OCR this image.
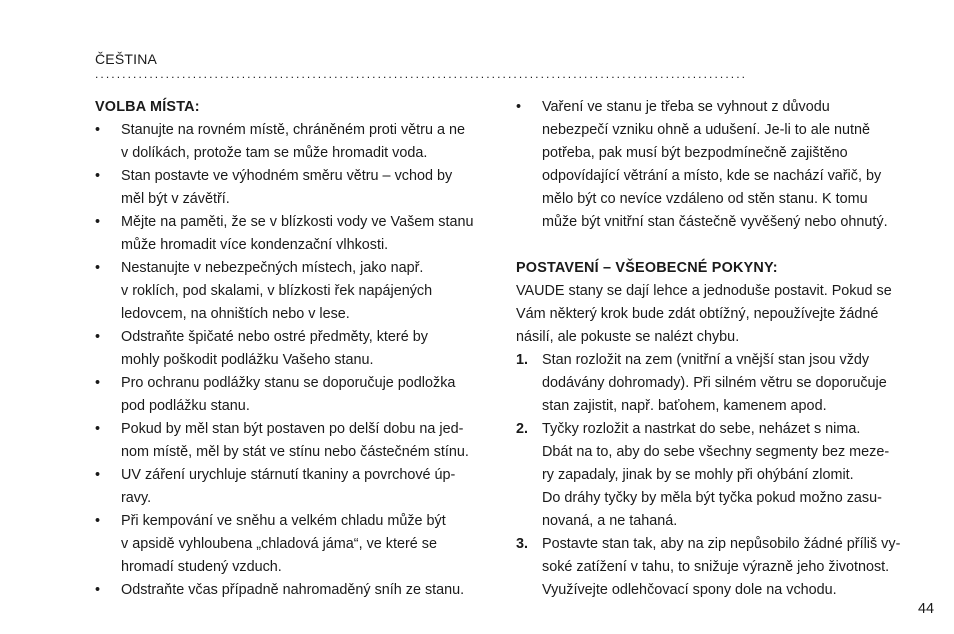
ČEŠTINA
........................................................................................................................
VOLBA MÍSTA:
•	Stanujte na rovném místě, chráněném proti větru a ne
v dolíkách, protože tam se může hromadit voda.
•	Stan postavte ve výhodném směru větru – vchod by
měl být v závětří.
•	Mějte na paměti, že se v blízkosti vody ve Vašem stanu
může hromadit více kondenzační vlhkosti.
•	Nestanujte v nebezpečných místech, jako např.
v roklích, pod skalami, v blízkosti řek napájených
ledovcem, na ohništích nebo v lese.
•	Odstraňte špičaté nebo ostré předměty, které by
mohly poškodit podlážku Vašeho stanu.
•	Pro ochranu podlážky stanu se doporučuje podložka
pod podlážku stanu.
•	Pokud by měl stan být postaven po delší dobu na jed-
nom místě, měl by stát ve stínu nebo částečném stínu.
•	UV záření urychluje stárnutí tkaniny a povrchové úp-
ravy.
•	Při kempování ve sněhu a velkém chladu může být
v apsidě vyhloubena „chladová jáma“, ve které se
hromadí studený vzduch.
•	Odstraňte včas případně nahromaděný sníh ze stanu.
•	Vaření ve stanu je třeba se vyhnout z důvodu
nebezpečí vzniku ohně a udušení. Je-li to ale nutně
potřeba, pak musí být bezpodmínečně zajištěno
odpovídající větrání a místo, kde se nachází vařič, by
mělo být co nevíce vzdáleno od stěn stanu. K tomu
může být vnitřní stan částečně vyvěšený nebo ohnutý.
POSTAVENÍ – VŠEOBECNÉ POKYNY:
VAUDE stany se dají lehce a jednoduše postavit. Pokud se
Vám některý krok bude zdát obtížný, nepoužívejte žádné
násilí, ale pokuste se nalézt chybu.
1. Stan rozložit na zem (vnitřní a vnější stan jsou vždy
dodávány dohromady). Při silném větru se doporučuje
stan zajistit, např. baťohem, kamenem apod.
2. Tyčky rozložit a nastrkat do sebe, neházet s nima.
Dbát na to, aby do sebe všechny segmenty bez meze-
ry zapadaly, jinak by se mohly při ohýbání zlomit.
Do dráhy tyčky by měla být tyčka pokud možno zasu-
novaná, a ne tahaná.
3. Postavte stan tak, aby na zip nepůsobilo žádné příliš vy-
soké zatížení v tahu, to snižuje výrazně jeho životnost.
Využívejte odlehčovací spony dole na vchodu.
44
